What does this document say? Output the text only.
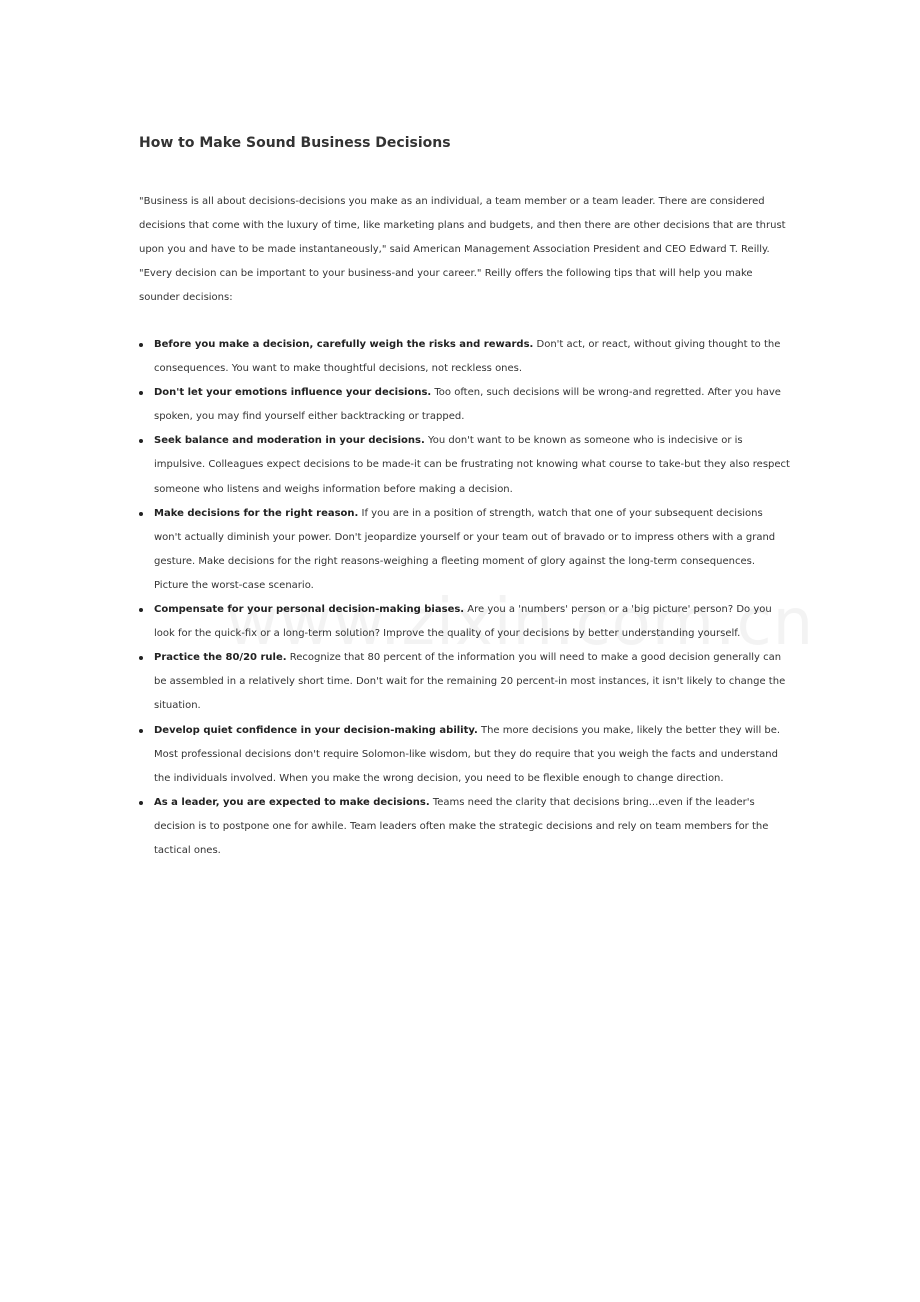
How to Make Sound Business Decisions

"Business is all about decisions-decisions you make as an individual, a team member or a team leader. There are considered decisions that come with the luxury of time, like marketing plans and budgets, and then there are other decisions that are thrust upon you and have to be made instantaneously," said American Management Association President and CEO Edward T. Reilly. "Every decision can be important to your business-and your career." Reilly offers the following tips that will help you make sounder decisions:

Before you make a decision, carefully weigh the risks and rewards. Don't act, or react, without giving thought to the consequences. You want to make thoughtful decisions, not reckless ones.
Don't let your emotions influence your decisions. Too often, such decisions will be wrong-and regretted. After you have spoken, you may find yourself either backtracking or trapped.
Seek balance and moderation in your decisions. You don't want to be known as someone who is indecisive or is impulsive. Colleagues expect decisions to be made-it can be frustrating not knowing what course to take-but they also respect someone who listens and weighs information before making a decision.
Make decisions for the right reason. If you are in a position of strength, watch that one of your subsequent decisions won't actually diminish your power. Don't jeopardize yourself or your team out of bravado or to impress others with a grand gesture. Make decisions for the right reasons-weighing a fleeting moment of glory against the long-term consequences. Picture the worst-case scenario.
Compensate for your personal decision-making biases. Are you a 'numbers' person or a 'big picture' person? Do you look for the quick-fix or a long-term solution? Improve the quality of your decisions by better understanding yourself.
Practice the 80/20 rule. Recognize that 80 percent of the information you will need to make a good decision generally can be assembled in a relatively short time. Don't wait for the remaining 20 percent-in most instances, it isn't likely to change the situation.
Develop quiet confidence in your decision-making ability. The more decisions you make, likely the better they will be. Most professional decisions don't require Solomon-like wisdom, but they do require that you weigh the facts and understand the individuals involved. When you make the wrong decision, you need to be flexible enough to change direction.
As a leader, you are expected to make decisions. Teams need the clarity that decisions bring...even if the leader's decision is to postpone one for awhile. Team leaders often make the strategic decisions and rely on team members for the tactical ones.
